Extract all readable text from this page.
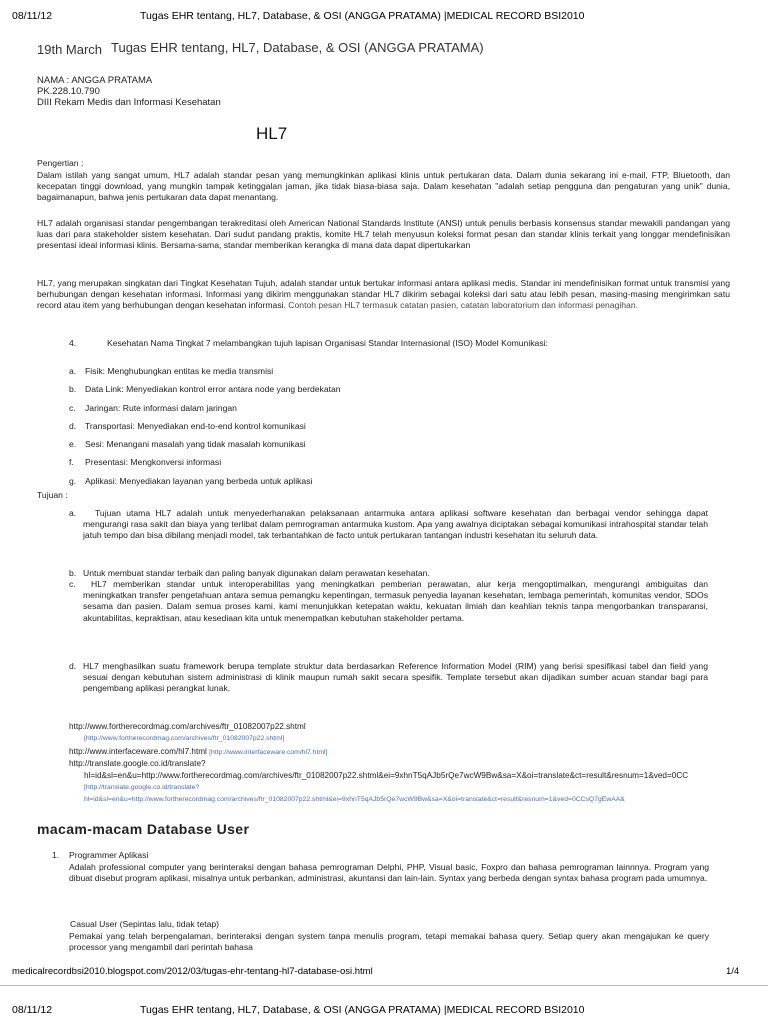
08/11/12	Tugas EHR tentang, HL7, Database, & OSI (ANGGA PRATAMA) |MEDICAL RECORD BSI2010
19th March Tugas EHR tentang, HL7, Database, & OSI (ANGGA PRATAMA)
NAMA : ANGGA PRATAMA
PK.228.10.790
DIII Rekam Medis dan Informasi Kesehatan
HL7
Pengertian :
Dalam istilah yang sangat umum, HL7 adalah standar pesan yang memungkinkan aplikasi klinis untuk pertukaran data. Dalam dunia sekarang ini e-mail, FTP, Bluetooth, dan kecepatan tinggi download, yang mungkin tampak ketinggalan jaman, jika tidak biasa-biasa saja. Dalam kesehatan "adalah setiap pengguna dan pengaturan yang unik" dunia, bagaimanapun, bahwa jenis pertukaran data dapat menantang.
HL7 adalah organisasi standar pengembangan terakreditasi oleh American National Standards Institute (ANSI) untuk penulis berbasis konsensus standar mewakili pandangan yang luas dari para stakeholder sistem kesehatan. Dari sudut pandang praktis, komite HL7 telah menyusun koleksi format pesan dan standar klinis terkait yang longgar mendefinisikan presentasi ideal informasi klinis. Bersama-sama, standar memberikan kerangka di mana data dapat dipertukarkan
HL7, yang merupakan singkatan dari Tingkat Kesehatan Tujuh, adalah standar untuk bertukar informasi antara aplikasi medis. Standar ini mendefinisikan format untuk transmisi yang berhubungan dengan kesehatan informasi. Informasi yang dikirim menggunakan standar HL7 dikirim sebagai koleksi dari satu atau lebih pesan, masing-masing mengirimkan satu record atau item yang berhubungan dengan kesehatan informasi. Contoh pesan HL7 termasuk catatan pasien, catatan laboratorium dan informasi penagihan.
4.	Kesehatan Nama Tingkat 7 melambangkan tujuh lapisan Organisasi Standar Internasional (ISO) Model Komunikasi:
a. Fisik: Menghubungkan entitas ke media transmisi
b. Data Link: Menyediakan kontrol error antara node yang berdekatan
c. Jaringan: Rute informasi dalam jaringan
d. Transportasi: Menyediakan end-to-end kontrol komunikasi
e. Sesi: Menangani masalah yang tidak masalah komunikasi
f. Presentasi: Mengkonversi informasi
g. Aplikasi: Menyediakan layanan yang berbeda untuk aplikasi
Tujuan :
a.	Tujuan utama HL7 adalah untuk menyederhanakan pelaksanaan antarmuka antara aplikasi software kesehatan dan berbagai vendor sehingga dapat mengurangi rasa sakit dan biaya yang terlibat dalam pemrograman antarmuka kustom. Apa yang awalnya diciptakan sebagai komunikasi intrahospital standar telah jatuh tempo dan bisa dibilang menjadi model, tak terbantahkan de facto untuk pertukaran tantangan industri kesehatan itu seluruh data.
b. Untuk membuat standar terbaik dan paling banyak digunakan dalam perawatan kesehatan.
c.	HL7 memberikan standar untuk interoperabilitas yang meningkatkan pemberian perawatan, alur kerja mengoptimalkan, mengurangi ambiguitas dan meningkatkan transfer pengetahuan antara semua pemangku kepentingan, termasuk penyedia layanan kesehatan, lembaga pemerintah, komunitas vendor, SDOs sesama dan pasien. Dalam semua proses kami, kami menunjukkan ketepatan waktu, kekuatan ilmiah dan keahlian teknis tanpa mengorbankan transparansi, akuntabilitas, kepraktisan, atau kesediaan kita untuk menempatkan kebutuhan stakeholder pertama.
d. HL7 menghasilkan suatu framework berupa template struktur data berdasarkan Reference Information Model (RIM) yang berisi spesifikasi tabel dan field yang sesuai dengan kebutuhan sistem administrasi di klinik maupun rumah sakit secara spesifik. Template tersebut akan dijadikan sumber acuan standar bagi para pengembang aplikasi perangkat lunak.
http://www.fortherecordmag.com/archives/ftr_01082007p22.shtml
[http://www.fortherecordmag.com/archives/ftr_01082007p22.shtml]
http://www.interfaceware.com/hl7.html [http://www.interfaceware.com/hl7.html]
http://translate.google.co.id/translate?
hl=id&sl=en&u=http://www.fortherecordmag.com/archives/ftr_01082007p22.shtml&ei=9xhnT5qAJb5rQe7wcW9Bw&sa=X&oi=translate&ct=result&resnum=1&ved=0CC
[http://translate.google.co.id/translate?
hl=id&sl=en&u=http://www.fortherecordmag.com/archives/ftr_01082007p22.shtml&ei=9xhnT5qAJb5rQe7wcW9Bw&sa=X&oi=translate&ct=result&resnum=1&ved=0CCsQ7gEwAA&
macam-macam Database User
1. Programmer Aplikasi
Adalah professional computer yang berinteraksi dengan bahasa pemrograman Delphi, PHP, Visual basic, Foxpro dan bahasa pemrograman lainnnya. Program yang dibuat disebut program aplikasi, misalnya untuk perbankan, administrasi, akuntansi dan lain-lain. Syntax yang berbeda dengan syntax bahasa program pada umumnya.
Casual User (Sepintas lalu, tidak tetap)
Pemakai yang telah berpengalaman, berinteraksi dengan system tanpa menulis program, tetapi memakai bahasa query. Setiap query akan mengajukan ke query processor yang mengambil dari perintah bahasa
medicalrecordbsi2010.blogspot.com/2012/03/tugas-ehr-tentang-hl7-database-osi.html	1/4
08/11/12	Tugas EHR tentang, HL7, Database, & OSI (ANGGA PRATAMA) |MEDICAL RECORD BSI2010
